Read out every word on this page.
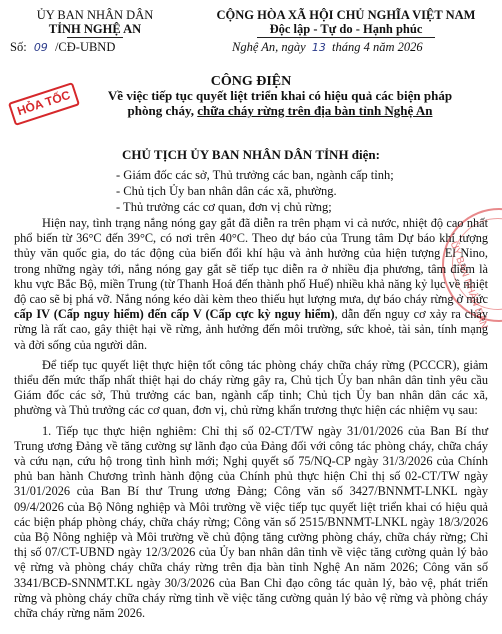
ỦY BAN NHÂN DÂN
TỈNH NGHỆ AN
CỘNG HÒA XÃ HỘI CHỦ NGHĨA VIỆT NAM
Độc lập - Tự do - Hạnh phúc
Số: 09 /CĐ-UBND	Nghệ An, ngày 13 tháng 4 năm 2026
HỎA TỐC
CÔNG ĐIỆN
Về việc tiếp tục quyết liệt triển khai có hiệu quả các biện pháp
phòng cháy, chữa cháy rừng trên địa bàn tỉnh Nghệ An
CHỦ TỊCH ỦY BAN NHÂN DÂN TỈNH điện:
- Giám đốc các sở, Thủ trưởng các ban, ngành cấp tỉnh;
- Chủ tịch Ủy ban nhân dân các xã, phường.
- Thủ trưởng các cơ quan, đơn vị chủ rừng;
ỦY BAN NHÂN DÂN

Hiện nay, tình trạng nắng nóng gay gắt đã diễn ra trên phạm vi cả nước, nhiệt độ cao nhất phổ biến từ 36°C đến 39°C, có nơi trên 40°C. Theo dự báo của Trung tâm Dự báo khí tượng thủy văn quốc gia, do tác động của biến đổi khí hậu và ảnh hưởng của hiện tượng El Nino, trong những ngày tới, nắng nóng gay gắt sẽ tiếp tục diễn ra ở nhiều địa phương, tâm điểm là khu vực Bắc Bộ, miền Trung (từ Thanh Hoá đến thành phố Huế) nhiều khả năng kỷ lục về nhiệt độ cao sẽ bị phá vỡ. Nắng nóng kéo dài kèm theo thiếu hụt lượng mưa, dự báo cháy rừng ở mức cấp IV (Cấp nguy hiểm) đến cấp V (Cấp cực kỳ nguy hiểm), dẫn đến nguy cơ xảy ra cháy rừng là rất cao, gây thiệt hại về rừng, ảnh hưởng đến môi trường, sức khoẻ, tài sản, tính mạng và đời sống của người dân.

Để tiếp tục quyết liệt thực hiện tốt công tác phòng cháy chữa cháy rừng (PCCCR), giảm thiểu đến mức thấp nhất thiệt hại do cháy rừng gây ra, Chủ tịch Ủy ban nhân dân tỉnh yêu cầu Giám đốc các sở, Thủ trưởng các ban, ngành cấp tỉnh; Chủ tịch Ủy ban nhân dân các xã, phường và Thủ trưởng các cơ quan, đơn vị, chủ rừng khẩn trương thực hiện các nhiệm vụ sau:

1. Tiếp tục thực hiện nghiêm: Chỉ thị số 02-CT/TW ngày 31/01/2026 của Ban Bí thư Trung ương Đảng về tăng cường sự lãnh đạo của Đảng đối với công tác phòng cháy, chữa cháy và cứu nạn, cứu hộ trong tình hình mới; Nghị quyết số 75/NQ-CP ngày 31/3/2026 của Chính phủ ban hành Chương trình hành động của Chính phủ thực hiện Chỉ thị số 02-CT/TW ngày 31/01/2026 của Ban Bí thư Trung ương Đảng; Công văn số 3427/BNNMT-LNKL ngày 09/4/2026 của Bộ Nông nghiệp và Môi trường về việc tiếp tục quyết liệt triển khai có hiệu quả các biện pháp phòng cháy, chữa cháy rừng; Công văn số 2515/BNNMT-LNKL ngày 18/3/2026 của Bộ Nông nghiệp và Môi trường về chủ động tăng cường phòng cháy, chữa cháy rừng; Chỉ thị số 07/CT-UBND ngày 12/3/2026 của Ủy ban nhân dân tỉnh về việc tăng cường quản lý bảo vệ rừng và phòng cháy chữa cháy rừng trên địa bàn tỉnh Nghệ An năm 2026; Công văn số 3341/BCĐ-SNNMT.KL ngày 30/3/2026 của Ban Chỉ đạo công tác quản lý, bảo vệ, phát triển rừng và phòng cháy chữa cháy rừng tỉnh về việc tăng cường quản lý bảo vệ rừng và phòng cháy chữa cháy rừng năm 2026.
